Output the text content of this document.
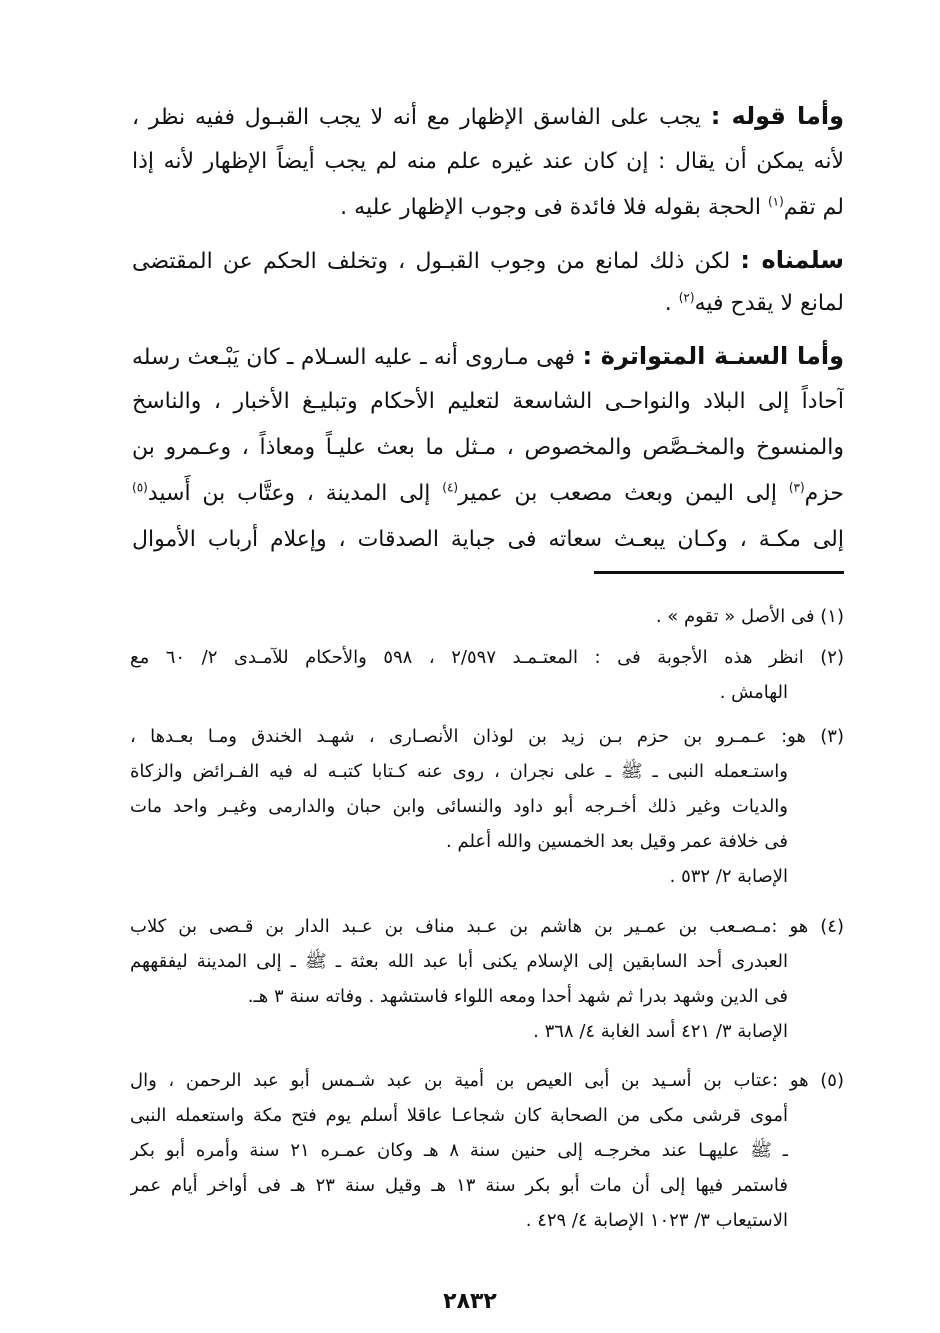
وأما قوله : يجب على الفاسق الإظهار مع أنه لا يجب القبـول ففيه نظر ،
لأنه يمكن أن يقال : إن كان عند غيره علم منه لم يجب أيضاً الإظهار لأنه إذا
لم تقم$^{(١)}$ الحجة بقوله فلا فائدة فى وجوب الإظهار عليه .
سلمناه : لكن ذلك لمانع من وجوب القبـول ، وتخلف الحكم عن المقتضى
لمانع لا يقدح فيه$^{(٢)}$ .
وأما السنـة المتواترة : فهى مـاروى أنه ـ عليه السـلام ـ كان يَبْـعث رسله
آحاداً إلى البلاد والنواحـى الشاسعة لتعليم الأحكام وتبليـغ الأخبار ، والناسخ
والمنسوخ والمخـصَّص والمخصوص ، مـثل ما بعث عليـاً ومعاذاً ، وعـمرو بن
حزم$^{(٣)}$ إلى اليمن وبعث مصعب بن عمير$^{(٤)}$ إلى المدينة ، وعتَّاب بن أَسيد$^{(٥)}$
إلى مكـة ، وكـان يبعـث سعاته فى جباية الصدقات ، وإعلام أرباب الأموال
(١) فى الأصل « تقوم » .
(٢) انظر هذه الأجوبة فى : المعتـمـد ٢/٥٩٧ ، ٥٩٨ والأحكام للآمـدى ٢/ ٦٠ مع
الهامش .
(٣) هو: عـمـرو بن حزم بـن زيد بن لوذان الأنصـارى ، شهـد الخندق ومـا بعـدها ،
واستـعمله النبى ـ ﷺ ـ على نجران ، روى عنه كـتابا كتبـه له فيه الفـرائض والزكاة
والديات وغير ذلك أخـرجه أبو داود والنسائى وابن حبان والدارمى وغيـر واحد مات
فى خلافة عمر وقيل بعد الخمسين والله أعلم .
الإصابة ٢/ ٥٣٢ .
(٤) هو :مـصـعب بن عمـير بن هاشم بن عـبد مناف بن عـبد الدار بن قـصى بن كلاب
العبدرى أحد السابقين إلى الإسلام يكنى أبا عبد الله بعثة ـ ﷺ ـ إلى المدينة ليفقههم
فى الدين وشهد بدرا ثم شهد أحدا ومعه اللواء فاستشهد . وفاته سنة ٣ هـ.
الإصابة ٣/ ٤٢١ أسد الغابة ٤/ ٣٦٨ .
(٥) هو :عتاب بن أسـيد بن أبى العيص بن أمية بن عبد شـمس أبو عبد الرحمن ، وال
أموى قرشى مكى من الصحابة كان شجاعـا عاقلا أسلم يوم فتح مكة واستعمله النبى
ـ ﷺ عليهـا عند مخرجـه إلى حنين سنة ٨ هـ وكان عمـره ٢١ سنة وأمره أبو بكر
فاستمر فيها إلى أن مات أبو بكر سنة ١٣ هـ وقيل سنة ٢٣ هـ فى أواخر أيام عمر
الاستيعاب ٣/ ١٠٢٣ الإصابة ٤/ ٤٢٩ .
٢٨٣٢
